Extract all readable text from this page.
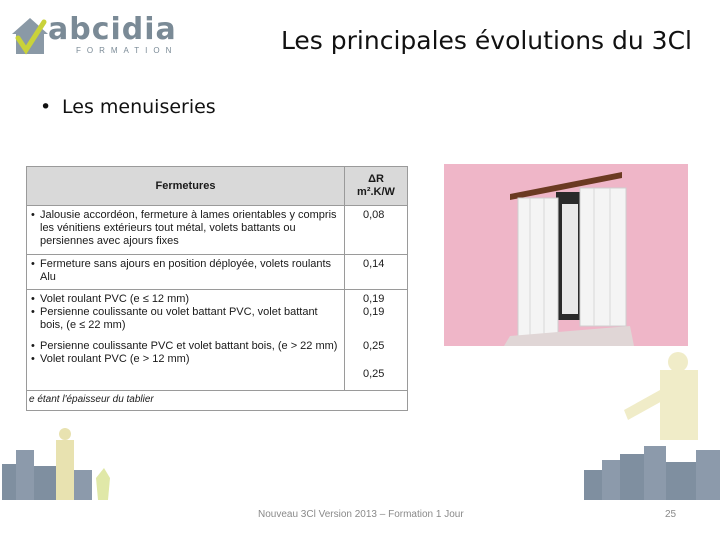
abcidia
FORMATION	Les principales évolutions du 3Cl
• Les menuiseries
Fermetures
ΔR
m².K/W
• Jalousie accordéon, fermeture à lames orientables y compris les vénitiens extérieurs tout métal, volets battants ou persiennes avec ajours fixes
0,08
• Fermeture sans ajours en position déployée, volets roulants Alu
0,14
• Volet roulant PVC (e ≤ 12 mm)
• Persienne coulissante ou volet battant PVC, volet battant bois, (e ≤ 22 mm)
• Persienne coulissante PVC et volet battant bois, (e > 22 mm)
• Volet roulant PVC (e > 12 mm)
0,19
0,19
0,25
0,25
e étant l'épaisseur du tablier
Nouveau 3Cl Version 2013 – Formation 1 Jour	25
